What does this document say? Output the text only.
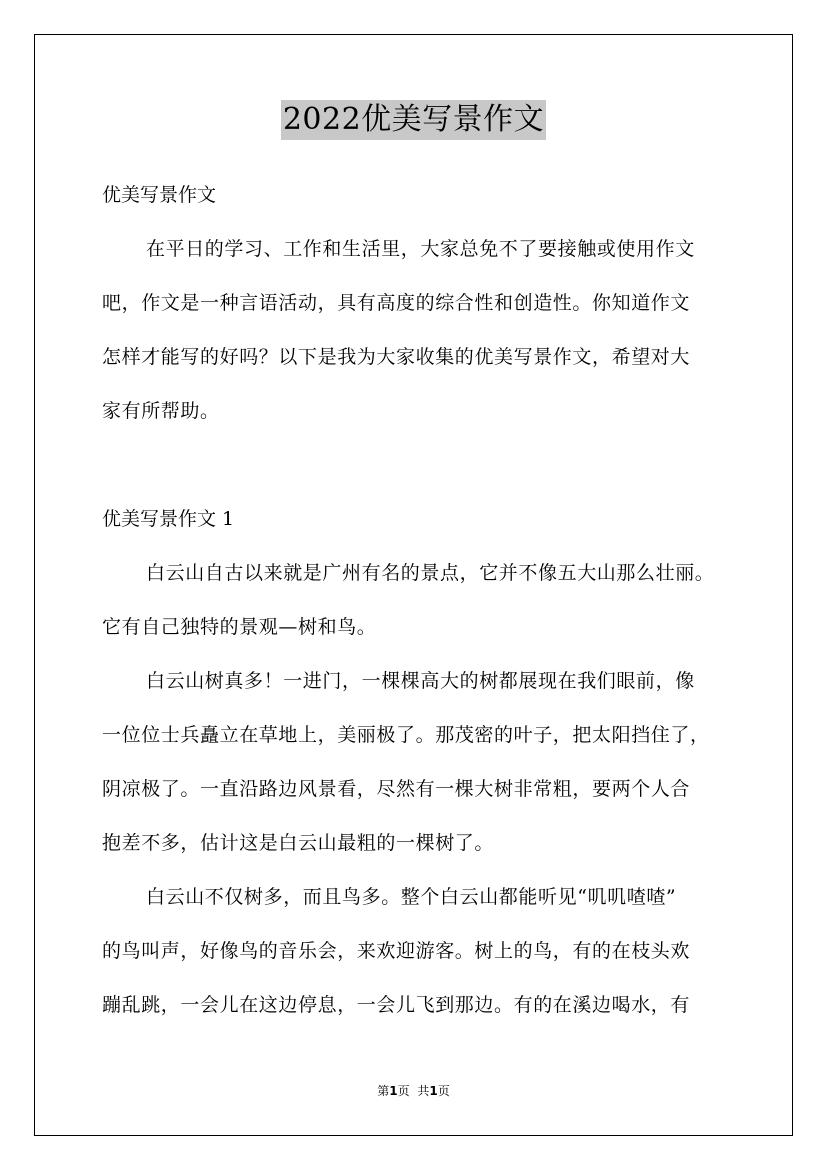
2022优美写景作文
优美写景作文
在平日的学习、工作和生活里，大家总免不了要接触或使用作文
吧，作文是一种言语活动，具有高度的综合性和创造性。你知道作文
怎样才能写的好吗？以下是我为大家收集的优美写景作文，希望对大
家有所帮助。
优美写景作文 1
白云山自古以来就是广州有名的景点，它并不像五大山那么壮丽。
它有自己独特的景观—树和鸟。
白云山树真多！一进门，一棵棵高大的树都展现在我们眼前，像
一位位士兵矗立在草地上，美丽极了。那茂密的叶子，把太阳挡住了，
阴凉极了。一直沿路边风景看，尽然有一棵大树非常粗，要两个人合
抱差不多，估计这是白云山最粗的一棵树了。
白云山不仅树多，而且鸟多。整个白云山都能听见“叽叽喳喳”
的鸟叫声，好像鸟的音乐会，来欢迎游客。树上的鸟，有的在枝头欢
蹦乱跳，一会儿在这边停息，一会儿飞到那边。有的在溪边喝水，有
第1页 共1页
